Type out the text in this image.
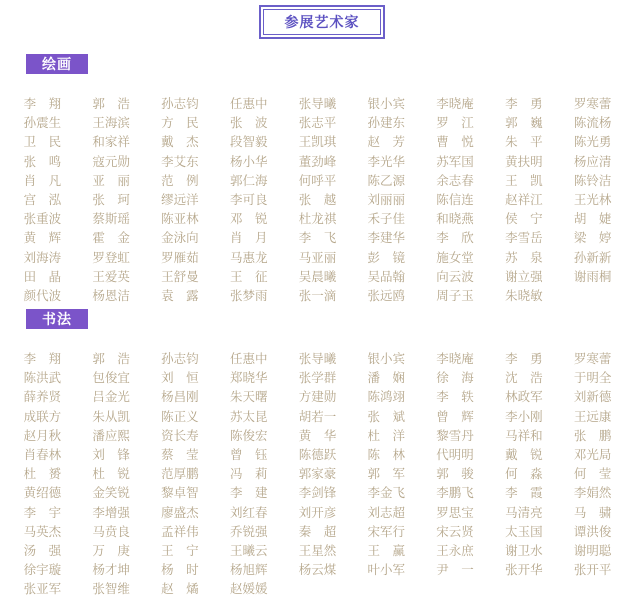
参展艺术家
绘画
李　翔	郭　浩	孙志钧	任惠中	张导曦	银小宾	李晓庵	李　勇	罗寒蕾
孙震生	王海滨	方　民	张　波	张志平	孙建东	罗　江	郭　巍	陈流杨
卫　民	和家祥	戴　杰	段智毅	王凯琪	赵　芳	曹　悦	朱　平	陈光勇
张　鸣	寇元勋	李艾东	杨小华	董劲峰	李光华	苏军国	黄扶明	杨应清
肖　凡	亚　丽	范　例	郭仁海	何呼平	陈乙源	余志春	王　凯	陈铃洁
宫　泓	张　珂	缪远洋	李可良	张　越	刘丽丽	陈信连	赵祥江	王光林
张重波	蔡斯瑶	陈亚林	邓　锐	杜龙祺	禾子佳	和晓燕	侯　宁	胡　婕
黄　辉	霍　金	金泳向	肖　月	李　飞	李建华	李　欣	李雪岳	梁　婷
刘海涛	罗登虹	罗雁茹	马惠龙	马亚丽	彭　镜	施女堂	苏　泉	孙新新
田　晶	王爱英	王舒曼	王　征	吴晨曦	吴品翰	向云波	谢立强	谢雨桐
颜代波	杨恩洁	袁　露	张梦雨	张一滴	张远鸥	周子玉	朱晓敏
书法
李　翔	郭　浩	孙志钧	任惠中	张导曦	银小宾	李晓庵	李　勇	罗寒蕾
陈洪武	包俊宜	刘　恒	郑晓华	张学群	潘　娴	徐　海	沈　浩	于明全
薛养贤	吕金光	杨昌刚	朱天曙	方建勋	陈鸿翊	李　轶	林政军	刘新德
成联方	朱从凯	陈正义	苏太昆	胡若一	张　斌	曾　辉	李小刚	王远康
赵月秋	潘应熙	资长寿	陈俊宏	黄　华	杜　洋	黎雪丹	马祥和	张　鹏
肖春林	刘　锋	蔡　莹	曾　钰	陈德跃	陈　林	代明明	戴　锐	邓光局
杜　赟	杜　锐	范厚鹏	冯　莉	郭家豪	郭　军	郭　骏	何　淼	何　莹
黄绍德	金笑锐	黎卓智	李　建	李剑锋	李金飞	李鹏飞	李　霞	李娟然
李　宇	李增强	廖盛杰	刘红春	刘开彦	刘志超	罗思宝	马清亮	马　骕
马英杰	马贲良	孟祥伟	乔锐强	秦　超	宋军行	宋云贤	太玉国	谭洪俊
汤　强	万　庚	王　宁	王曦云	王星然	王　赢	王永庶	谢卫水	谢明聪
徐宇璇	杨才坤	杨　时	杨旭辉	杨云煤	叶小军	尹　一	张开华	张开平
张亚军	张智维	赵　燏	赵媛媛
